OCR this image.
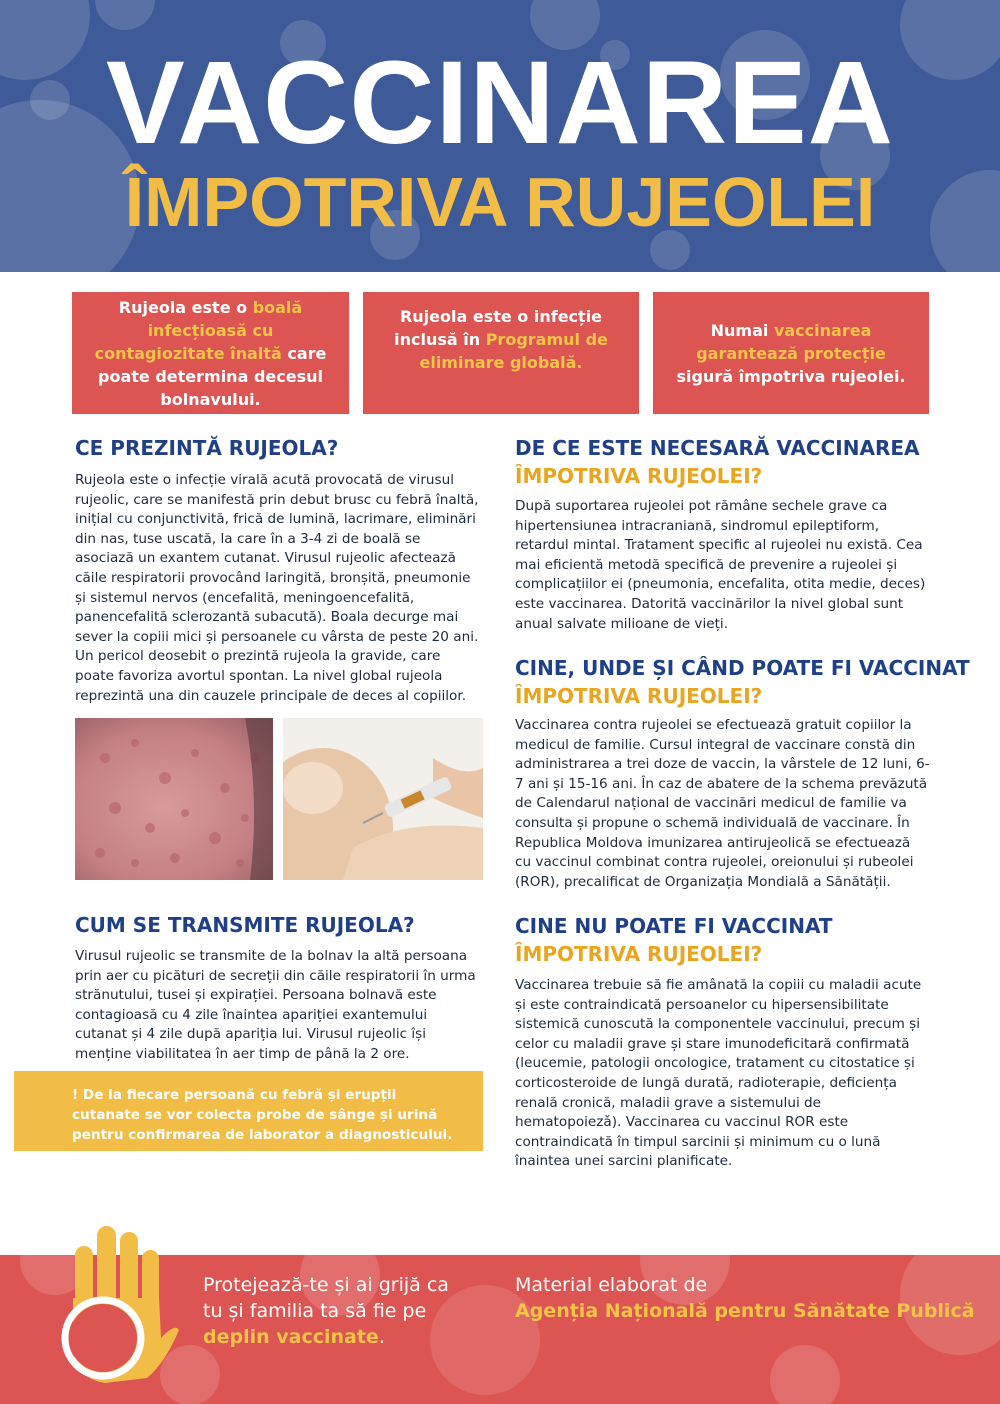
VACCINAREA
ÎMPOTRIVA RUJEOLEI
Rujeola este o boală infecțioasă cu contagiozitate înaltă care poate determina decesul bolnavului.
Rujeola este o infecție inclusă în Programul de eliminare globală.
Numai vaccinarea garantează protecție sigură împotriva rujeolei.
CE PREZINTĂ RUJEOLA?

Rujeola este o infecție virală acută provocată de virusul rujeolic, care se manifestă prin debut brusc cu febră înaltă, inițial cu conjunctivită, frică de lumină, lacrimare, eliminări din nas, tuse uscată, la care în a 3-4 zi de boală se asociază un exantem cutanat. Virusul rujeolic afectează căile respiratorii provocând laringită, bronșită, pneumonie și sistemul nervos (encefalită, meningoencefalită, panencefalită sclerozantă subacută). Boala decurge mai sever la copiii mici și persoanele cu vârsta de peste 20 ani. Un pericol deosebit o prezintă rujeola la gravide, care poate favoriza avortul spontan. La nivel global rujeola reprezintă una din cauzele principale de deces al copiilor.

CUM SE TRANSMITE RUJEOLA?

Virusul rujeolic se transmite de la bolnav la altă persoana prin aer cu picături de secreții din căile respiratorii în urma strănutului, tusei și expirației. Persoana bolnavă este contagioasă cu 4 zile înaintea apariției exantemului cutanat și 4 zile după apariția lui. Virusul rujeolic își menține viabilitatea în aer timp de până la 2 ore.

! De la fiecare persoană cu febră și erupții cutanate se vor colecta probe de sânge și urină pentru confirmarea de laborator a diagnosticului.
DE CE ESTE NECESARĂ VACCINAREA
ÎMPOTRIVA RUJEOLEI?

După suportarea rujeolei pot rămâne sechele grave ca hipertensiunea intracraniană, sindromul epileptiform, retardul mintal. Tratament specific al rujeolei nu există. Cea mai eficientă metodă specifică de prevenire a rujeolei și complicațiilor ei (pneumonia, encefalita, otita medie, deces) este vaccinarea. Datorită vaccinărilor la nivel global sunt anual salvate milioane de vieți.

CINE, UNDE ȘI CÂND POATE FI VACCINAT
ÎMPOTRIVA RUJEOLEI?

Vaccinarea contra rujeolei se efectuează gratuit copiilor la medicul de familie. Cursul integral de vaccinare constă din administrarea a trei doze de vaccin, la vârstele de 12 luni, 6-7 ani și 15-16 ani. În caz de abatere de la schema prevăzută de Calendarul național de vaccinări medicul de familie va consulta și propune o schemă individuală de vaccinare. În Republica Moldova imunizarea antirujeolică se efectuează cu vaccinul combinat contra rujeolei, oreionului și rubeolei (ROR), precalificat de Organizația Mondială a Sănătății.

CINE NU POATE FI VACCINAT
ÎMPOTRIVA RUJEOLEI?

Vaccinarea trebuie să fie amânată la copiii cu maladii acute și este contraindicată persoanelor cu hipersensibilitate sistemică cunoscută la componentele vaccinului, precum și celor cu maladii grave și stare imunodeficitară confirmată (leucemie, patologii oncologice, tratament cu citostatice și corticosteroide de lungă durată, radioterapie, deficiența renală cronică, maladii grave a sistemului de hematopoiezǎ). Vaccinarea cu vaccinul ROR este contraindicată în timpul sarcinii și minimum cu o lună înaintea unei sarcini planificate.

Protejează-te și ai grijă ca tu și familia ta să fie pe deplin vaccinate.
Material elaborat de
Agenția Națională pentru Sănătate Publică
